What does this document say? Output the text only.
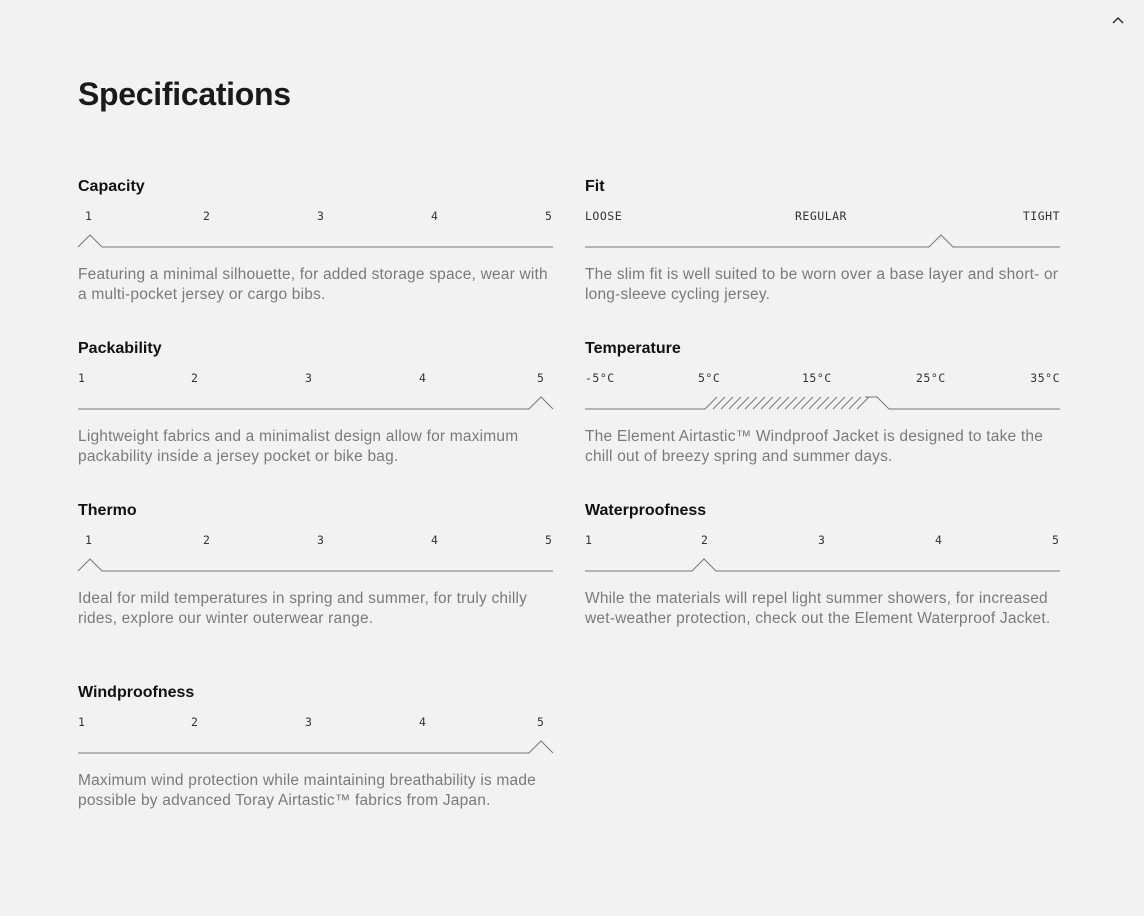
Specifications
Capacity
1	2	3	4	5

Featuring a minimal silhouette, for added storage space, wear with a multi-pocket jersey or cargo bibs.

Fit
LOOSE	REGULAR	TIGHT

The slim fit is well suited to be worn over a base layer and short- or long-sleeve cycling jersey.

Packability
1	2	3	4	5

Lightweight fabrics and a minimalist design allow for maximum packability inside a jersey pocket or bike bag.

Temperature
-5°C	5°C	15°C	25°C	35°C

The Element Airtastic™ Windproof Jacket is designed to take the chill out of breezy spring and summer days.

Thermo
1	2	3	4	5

Ideal for mild temperatures in spring and summer, for truly chilly rides, explore our winter outerwear range.

Waterproofness
1	2	3	4	5

While the materials will repel light summer showers, for increased wet-weather protection, check out the Element Waterproof Jacket.

Windproofness
1	2	3	4	5

Maximum wind protection while maintaining breathability is made possible by advanced Toray Airtastic™ fabrics from Japan.
